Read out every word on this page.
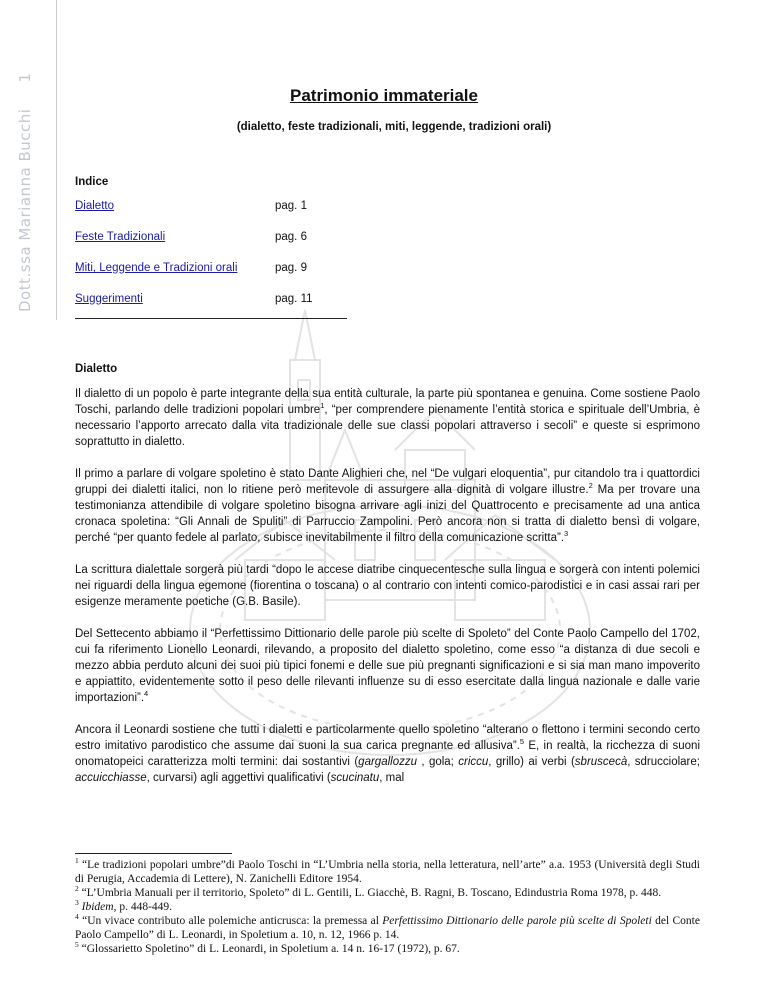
Dott.ssa Marianna Bucchi1
Patrimonio immateriale
(dialetto, feste tradizionali, miti, leggende, tradizioni orali)
Indice
Dialetto	pag. 1
Feste Tradizionali	pag. 6
Miti, Leggende e Tradizioni orali	pag. 9
Suggerimenti	pag. 11
Dialetto

Il dialetto di un popolo è parte integrante della sua entità culturale, la parte più spontanea e genuina. Come sostiene Paolo Toschi, parlando delle tradizioni popolari umbre$^1$, “per comprendere pienamente l’entità storica e spirituale dell’Umbria, è necessario l’apporto arrecato dalla vita tradizionale delle sue classi popolari attraverso i secoli” e queste si esprimono soprattutto in dialetto.

Il primo a parlare di volgare spoletino è stato Dante Alighieri che, nel “De vulgari eloquentia”, pur citandolo tra i quattordici gruppi dei dialetti italici, non lo ritiene però meritevole di assurgere alla dignità di volgare illustre.$^2$ Ma per trovare una testimonianza attendibile di volgare spoletino bisogna arrivare agli inizi del Quattrocento e precisamente ad una antica cronaca spoletina: “Gli Annali de Spuliti” di Parruccio Zampolini. Però ancora non si tratta di dialetto bensì di volgare, perché “per quanto fedele al parlato, subisce inevitabilmente il filtro della comunicazione scritta”.$^3$

La scrittura dialettale sorgerà più tardi “dopo le accese diatribe cinquecentesche sulla lingua e sorgerà con intenti polemici nei riguardi della lingua egemone (fiorentina o toscana) o al contrario con intenti comico-parodistici e in casi assai rari per esigenze meramente poetiche (G.B. Basile).

Del Settecento abbiamo il “Perfettissimo Dittionario delle parole più scelte di Spoleto” del Conte Paolo Campello del 1702, cui fa riferimento Lionello Leonardi, rilevando, a proposito del dialetto spoletino, come esso “a distanza di due secoli e mezzo abbia perduto alcuni dei suoi più tipici fonemi e delle sue più pregnanti significazioni e si sia man mano impoverito e appiattito, evidentemente sotto il peso delle rilevanti influenze su di esso esercitate dalla lingua nazionale e dalle varie importazioni”.$^4$

Ancora il Leonardi sostiene che tutti i dialetti e particolarmente quello spoletino “alterano o flettono i termini secondo certo estro imitativo parodistico che assume dai suoni la sua carica pregnante ed allusiva”.$^5$ E, in realtà, la ricchezza di suoni onomatopeici caratterizza molti termini: dai sostantivi (gargallozzu , gola; criccu, grillo) ai verbi (sbruscecà, sdrucciolare; accuicchiasse, curvarsi) agli aggettivi qualificativi (scucinatu, mal

$^1$ “Le tradizioni popolari umbre”di Paolo Toschi in “L’Umbria nella storia, nella letteratura, nell’arte” a.a. 1953 (Università degli Studi di Perugia, Accademia di Lettere), N. Zanichelli Editore 1954.

$^2$ “L’Umbria Manuali per il territorio, Spoleto” di L. Gentili, L. Giacchè, B. Ragni, B. Toscano, Edindustria Roma 1978, p. 448.

$^3$ Ibidem, p. 448-449.

$^4$ “Un vivace contributo alle polemiche anticrusca: la premessa al Perfettissimo Dittionario delle parole più scelte di Spoleti del Conte Paolo Campello” di L. Leonardi, in Spoletium a. 10, n. 12, 1966 p. 14.

$^5$ “Glossarietto Spoletino” di L. Leonardi, in Spoletium a. 14 n. 16-17 (1972), p. 67.
